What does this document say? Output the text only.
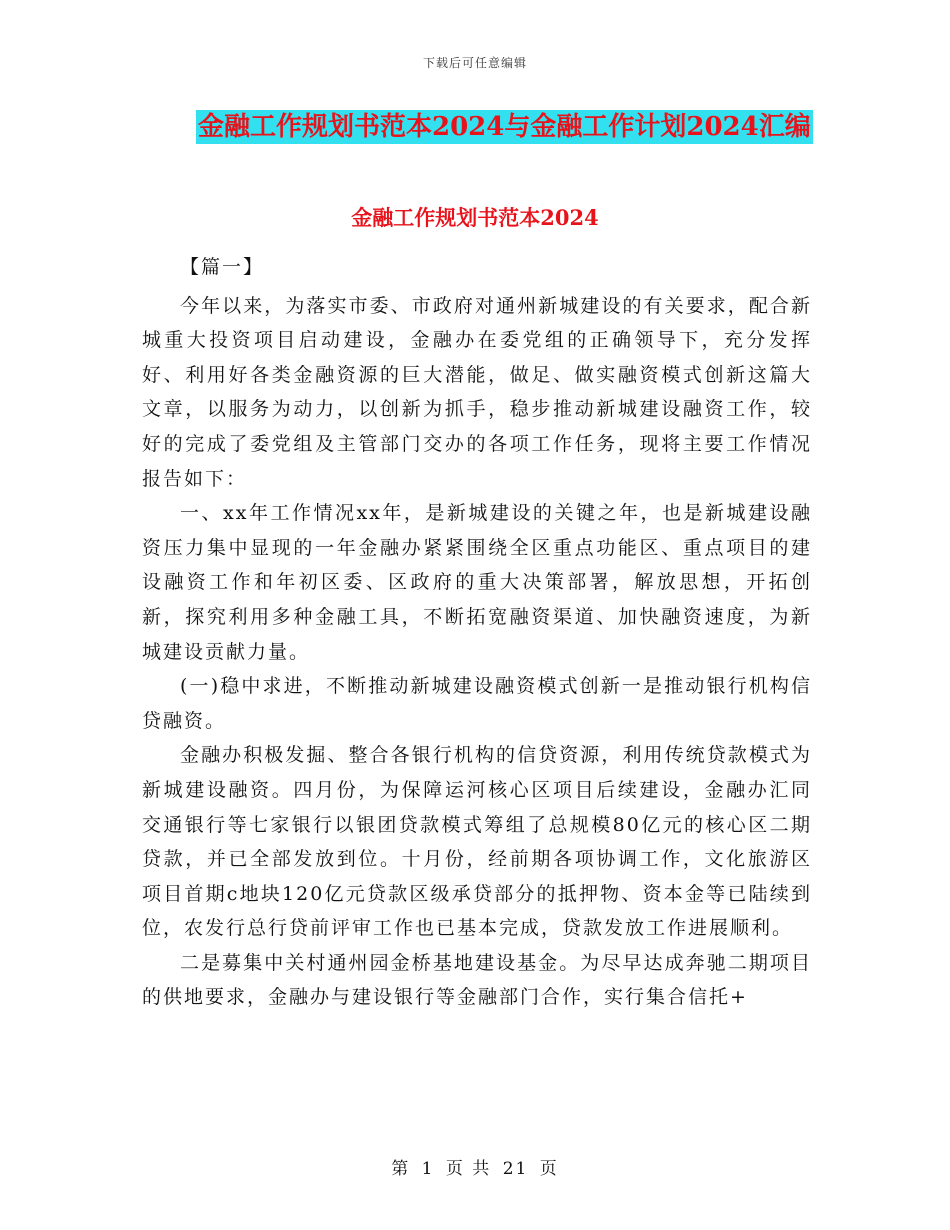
下载后可任意编辑
金融工作规划书范本2024与金融工作计划2024汇编
金融工作规划书范本2024

【篇一】

今年以来，为落实市委、市政府对通州新城建设的有关要求，配合新城重大投资项目启动建设，金融办在委党组的正确领导下，充分发挥好、利用好各类金融资源的巨大潜能，做足、做实融资模式创新这篇大文章，以服务为动力，以创新为抓手，稳步推动新城建设融资工作，较好的完成了委党组及主管部门交办的各项工作任务，现将主要工作情况报告如下：

一、xx年工作情况xx年，是新城建设的关键之年，也是新城建设融资压力集中显现的一年金融办紧紧围绕全区重点功能区、重点项目的建设融资工作和年初区委、区政府的重大决策部署，解放思想，开拓创新，探究利用多种金融工具，不断拓宽融资渠道、加快融资速度，为新城建设贡献力量。

(一)稳中求进，不断推动新城建设融资模式创新一是推动银行机构信贷融资。

金融办积极发掘、整合各银行机构的信贷资源，利用传统贷款模式为新城建设融资。四月份，为保障运河核心区项目后续建设，金融办汇同交通银行等七家银行以银团贷款模式筹组了总规模80亿元的核心区二期贷款，并已全部发放到位。十月份，经前期各项协调工作，文化旅游区项目首期c地块120亿元贷款区级承贷部分的抵押物、资本金等已陆续到位，农发行总行贷前评审工作也已基本完成，贷款发放工作进展顺利。

二是募集中关村通州园金桥基地建设基金。为尽早达成奔驰二期项目的供地要求，金融办与建设银行等金融部门合作，实行集合信托+

第 1 页 共 21 页
